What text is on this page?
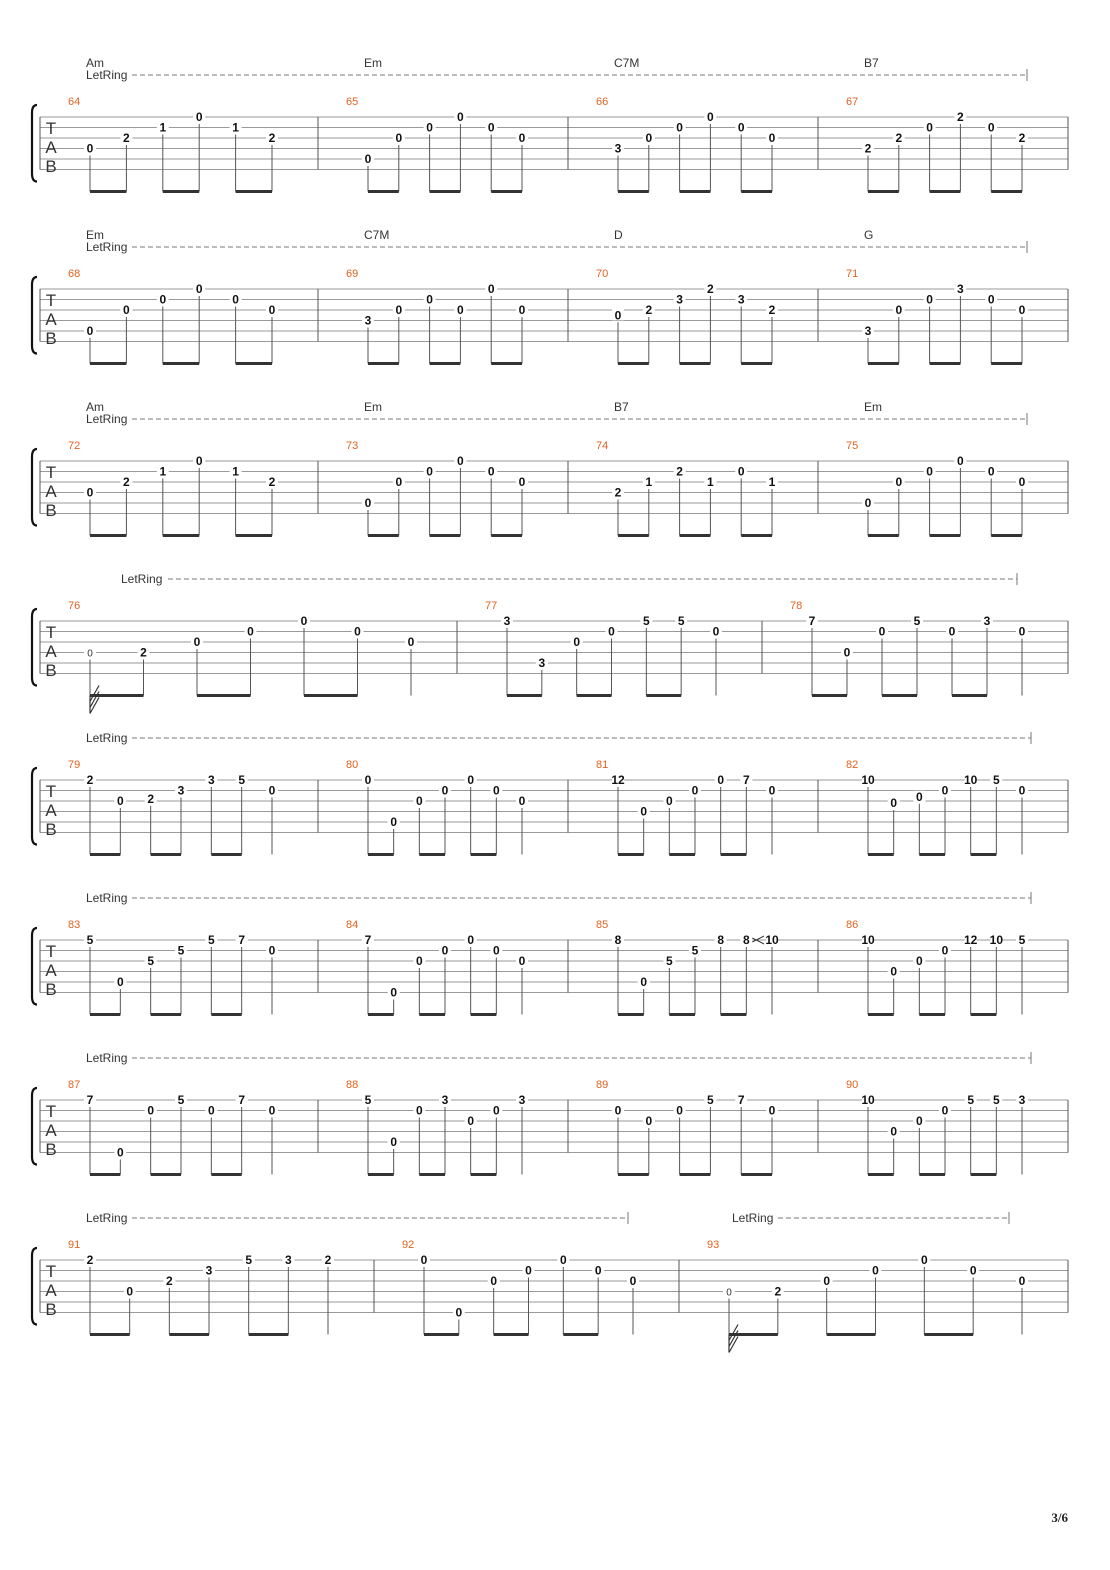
T
A
B
LetRing
64
Am
0
2
1
0
1
2
65
Em
0
0
0
0
0
0
66
C7M
3
0
0
0
0
0
67
B7
2
2
0
2
0
2
T
A
B
LetRing
68
Em
0
0
0
0
0
0
69
C7M
3
0
0
0
0
0
70
D
0 2
3
2
3
2
71
G
3
0
0
3
0
0
T
A
B
LetRing
72
Am
0
2
1
0
1
2
73
Em
0
0
0
0
0
0
74
B7
2
1
2
1
0
1
75
Em
0
0
0
0
0
0
T
A
B
LetRing
76
0	2
0
0
0
0
0
77
3
3
0
0
5 5
0
78
7
0
0
5
0
3
0
T
A
B
LetRing
79
2
0 2
3
3 5
0
80
0
0
0
0
0
0
0
81
12
0
0
0
0 7
0
82
10
0 0 0
10 5
0
T
A
B
LetRing
83
5
0
5
5
5 7
0
84
7
0
0
0
0
0
0
85
8
0
5
5
8 8 10
86
10
0
0
0
12 10 5
T
A
B
LetRing
87
7
0
0
5
0
7
0
88
5
0
0
3
0
0
3
89
0
0
0
5 7
0
90
10
0
0
0
5 5 3
T
A
B
LetRing	LetRing
91
2
0
2
3
5	3	2
92
0
0
0
0
0
0
0
93
0	2
0
0
0
0
0
3/6
